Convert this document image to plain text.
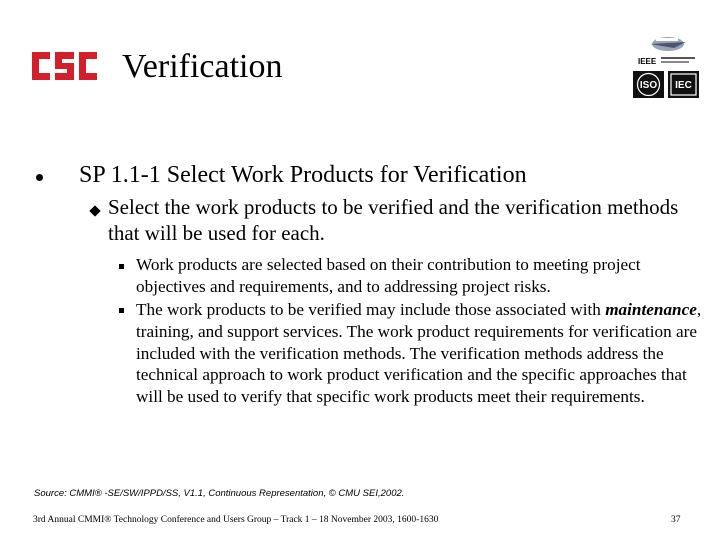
Verification	IEEE
ISO IEC
SP 1.1-1 Select Work Products for Verification
Select the work products to be verified and the verification methods that will be used for each.
Work products are selected based on their contribution to meeting project objectives and requirements, and to addressing project risks.
The work products to be verified may include those associated with maintenance, training, and support services. The work product requirements for verification are included with the verification methods. The verification methods address the technical approach to work product verification and the specific approaches that will be used to verify that specific work products meet their requirements.
Source: CMMI® -SE/SW/IPPD/SS, V1.1, Continuous Representation, © CMU SEI,2002.
3rd Annual CMMI® Technology Conference and Users Group – Track 1 – 18 November 2003, 1600-1630	37
